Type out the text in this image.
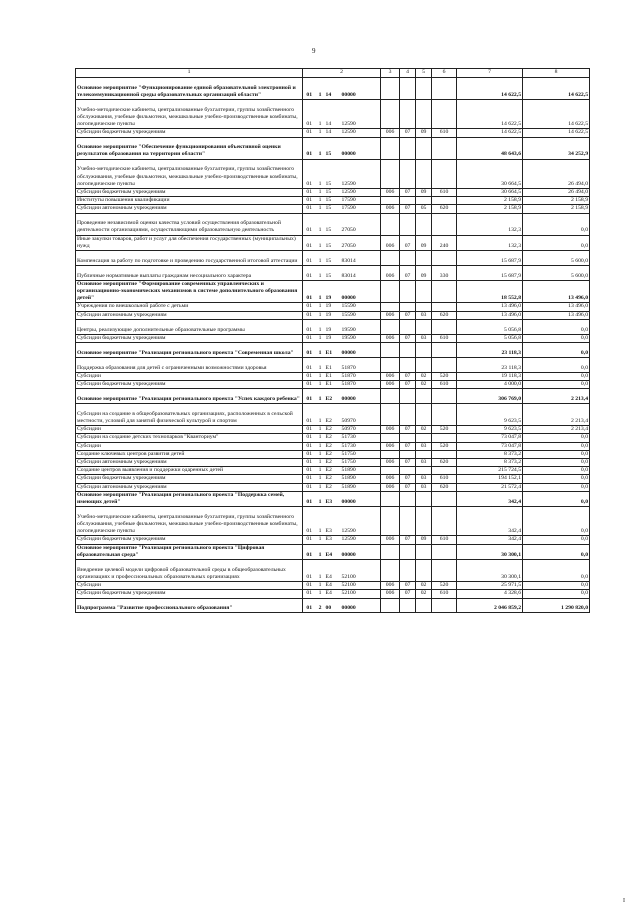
9
1	2				3	4	5	6	7	8
Основное мероприятие "Функционирование единой образовательной электронной и телекоммуникационной среды образовательных организаций области"	01	1	14	00000					14 622,5	14 622,5
Учебно-методические кабинеты, централизованные бухгалтерии, группы хозяйственного обслуживания, учебные фильмотеки, межшкольные учебно-производственные комбинаты, логопедические пункты	01	1	14	12590					14 622,5	14 622,5
Субсидии бюджетным учреждениям	01	1	14	12590	006	07	09	610	14 622,5	14 622,5
Основное мероприятие "Обеспечение функционирования объективной оценки результатов образования на территории области"	01	1	15	00000					48 643,6	34 252,9
Учебно-методические кабинеты, централизованные бухгалтерии, группы хозяйственного обслуживания, учебные фильмотеки, межшкольные учебно-производственные комбинаты, логопедические пункты	01	1	15	12590					30 664,5	26 494,0
Субсидии бюджетным учреждениям	01	1	15	12590	006	07	09	610	30 664,5	26 494,0
Институты повышения квалификации	01	1	15	17590					2 158,9	2 158,9
Субсидии автономным учреждениям	01	1	15	17590	006	07	05	620	2 158,9	2 158,9
Проведение независимой оценки качества условий осуществления образовательной деятельности организациями, осуществляющими образовательную деятельность	01	1	15	27050					132,3	0,0
Иные закупки товаров, работ и услуг для обеспечения государственных (муниципальных) нужд	01	1	15	27050	006	07	09	240	132,3	0,0
Компенсация за работу по подготовке и проведению государственной итоговой аттестации	01	1	15	83014					15 687,9	5 600,0
Публичные нормативные выплаты гражданам несоциального характера	01	1	15	83014	006	07	09	330	15 687,9	5 600,0
Основное мероприятие "Формирование современных управленческих и организационно-экономических механизмов в системе дополнительного образования детей"	01	1	19	00000					18 552,8	13 496,0
Учреждения по внешкольной работе с детьми	01	1	19	15590					13 496,0	13 496,0
Субсидии автономным учреждениям	01	1	19	15590	006	07	03	620	13 496,0	13 496,0
Центры, реализующие дополнительные образовательные программы	01	1	19	19590					5 056,8	0,0
Субсидии бюджетным учреждениям	01	1	19	19590	006	07	03	610	5 056,8	0,0
Основное мероприятие "Реализация регионального проекта "Современная школа"	01	1	E1	00000					23 118,3	0,0
Поддержка образования для детей с ограниченными возможностями здоровья	01	1	E1	51870					23 118,3	0,0
Субсидии	01	1	E1	51870	006	07	02	520	19 118,3	0,0
Субсидии бюджетным учреждениям	01	1	E1	51870	006	07	02	610	4 000,0	0,0
Основное мероприятие "Реализация регионального проекта "Успех каждого ребенка"	01	1	E2	00000					306 769,0	2 213,4
Субсидии на создание в общеобразовательных организациях, расположенных в сельской местности, условий для занятий физической культурой и спортом	01	1	E2	50970					9 623,5	2 213,4
Субсидии	01	1	E2	50970	006	07	02	520	9 623,5	2 213,4
Субсидии на создание детских технопарков "Кванториум"	01	1	E2	51730					73 047,8	0,0
Субсидии	01	1	E2	51730	006	07	03	520	73 047,8	0,0
Создание ключевых центров развития детей	01	1	E2	51750					8 373,2	0,0
Субсидии автономным учреждениям	01	1	E2	51750	006	07	03	620	8 373,2	0,0
Создание центров выявления и поддержки одаренных детей	01	1	E2	51890					215 724,5	0,0
Субсидии бюджетным учреждениям	01	1	E2	51890	006	07	03	610	194 152,1	0,0
Субсидии автономным учреждениям	01	1	E2	51890	006	07	03	620	21 572,4	0,0
Основное мероприятие "Реализация регионального проекта "Поддержка семей, имеющих детей"	01	1	E3	00000					342,4	0,0
Учебно-методические кабинеты, централизованные бухгалтерии, группы хозяйственного обслуживания, учебные фильмотеки, межшкольные учебно-производственные комбинаты, логопедические пункты	01	1	E3	12590					342,4	0,0
Субсидии бюджетным учреждениям	01	1	E3	12590	006	07	09	610	342,4	0,0
Основное мероприятие "Реализация регионального проекта "Цифровая образовательная среда"	01	1	E4	00000					30 300,1	0,0
Внедрение целевой модели цифровой образовательной среды в общеобразовательных организациях и профессиональных образовательных организациях	01	1	E4	52100					30 300,1	0,0
Субсидии	01	1	E4	52100	006	07	02	520	25 971,5	0,0
Субсидии бюджетным учреждениям	01	1	E4	52100	006	07	02	610	4 328,6	0,0
Подпрограмма "Развитие профессионального образования"	01	2	00	00000					2 046 859,2	1 290 820,0
I
